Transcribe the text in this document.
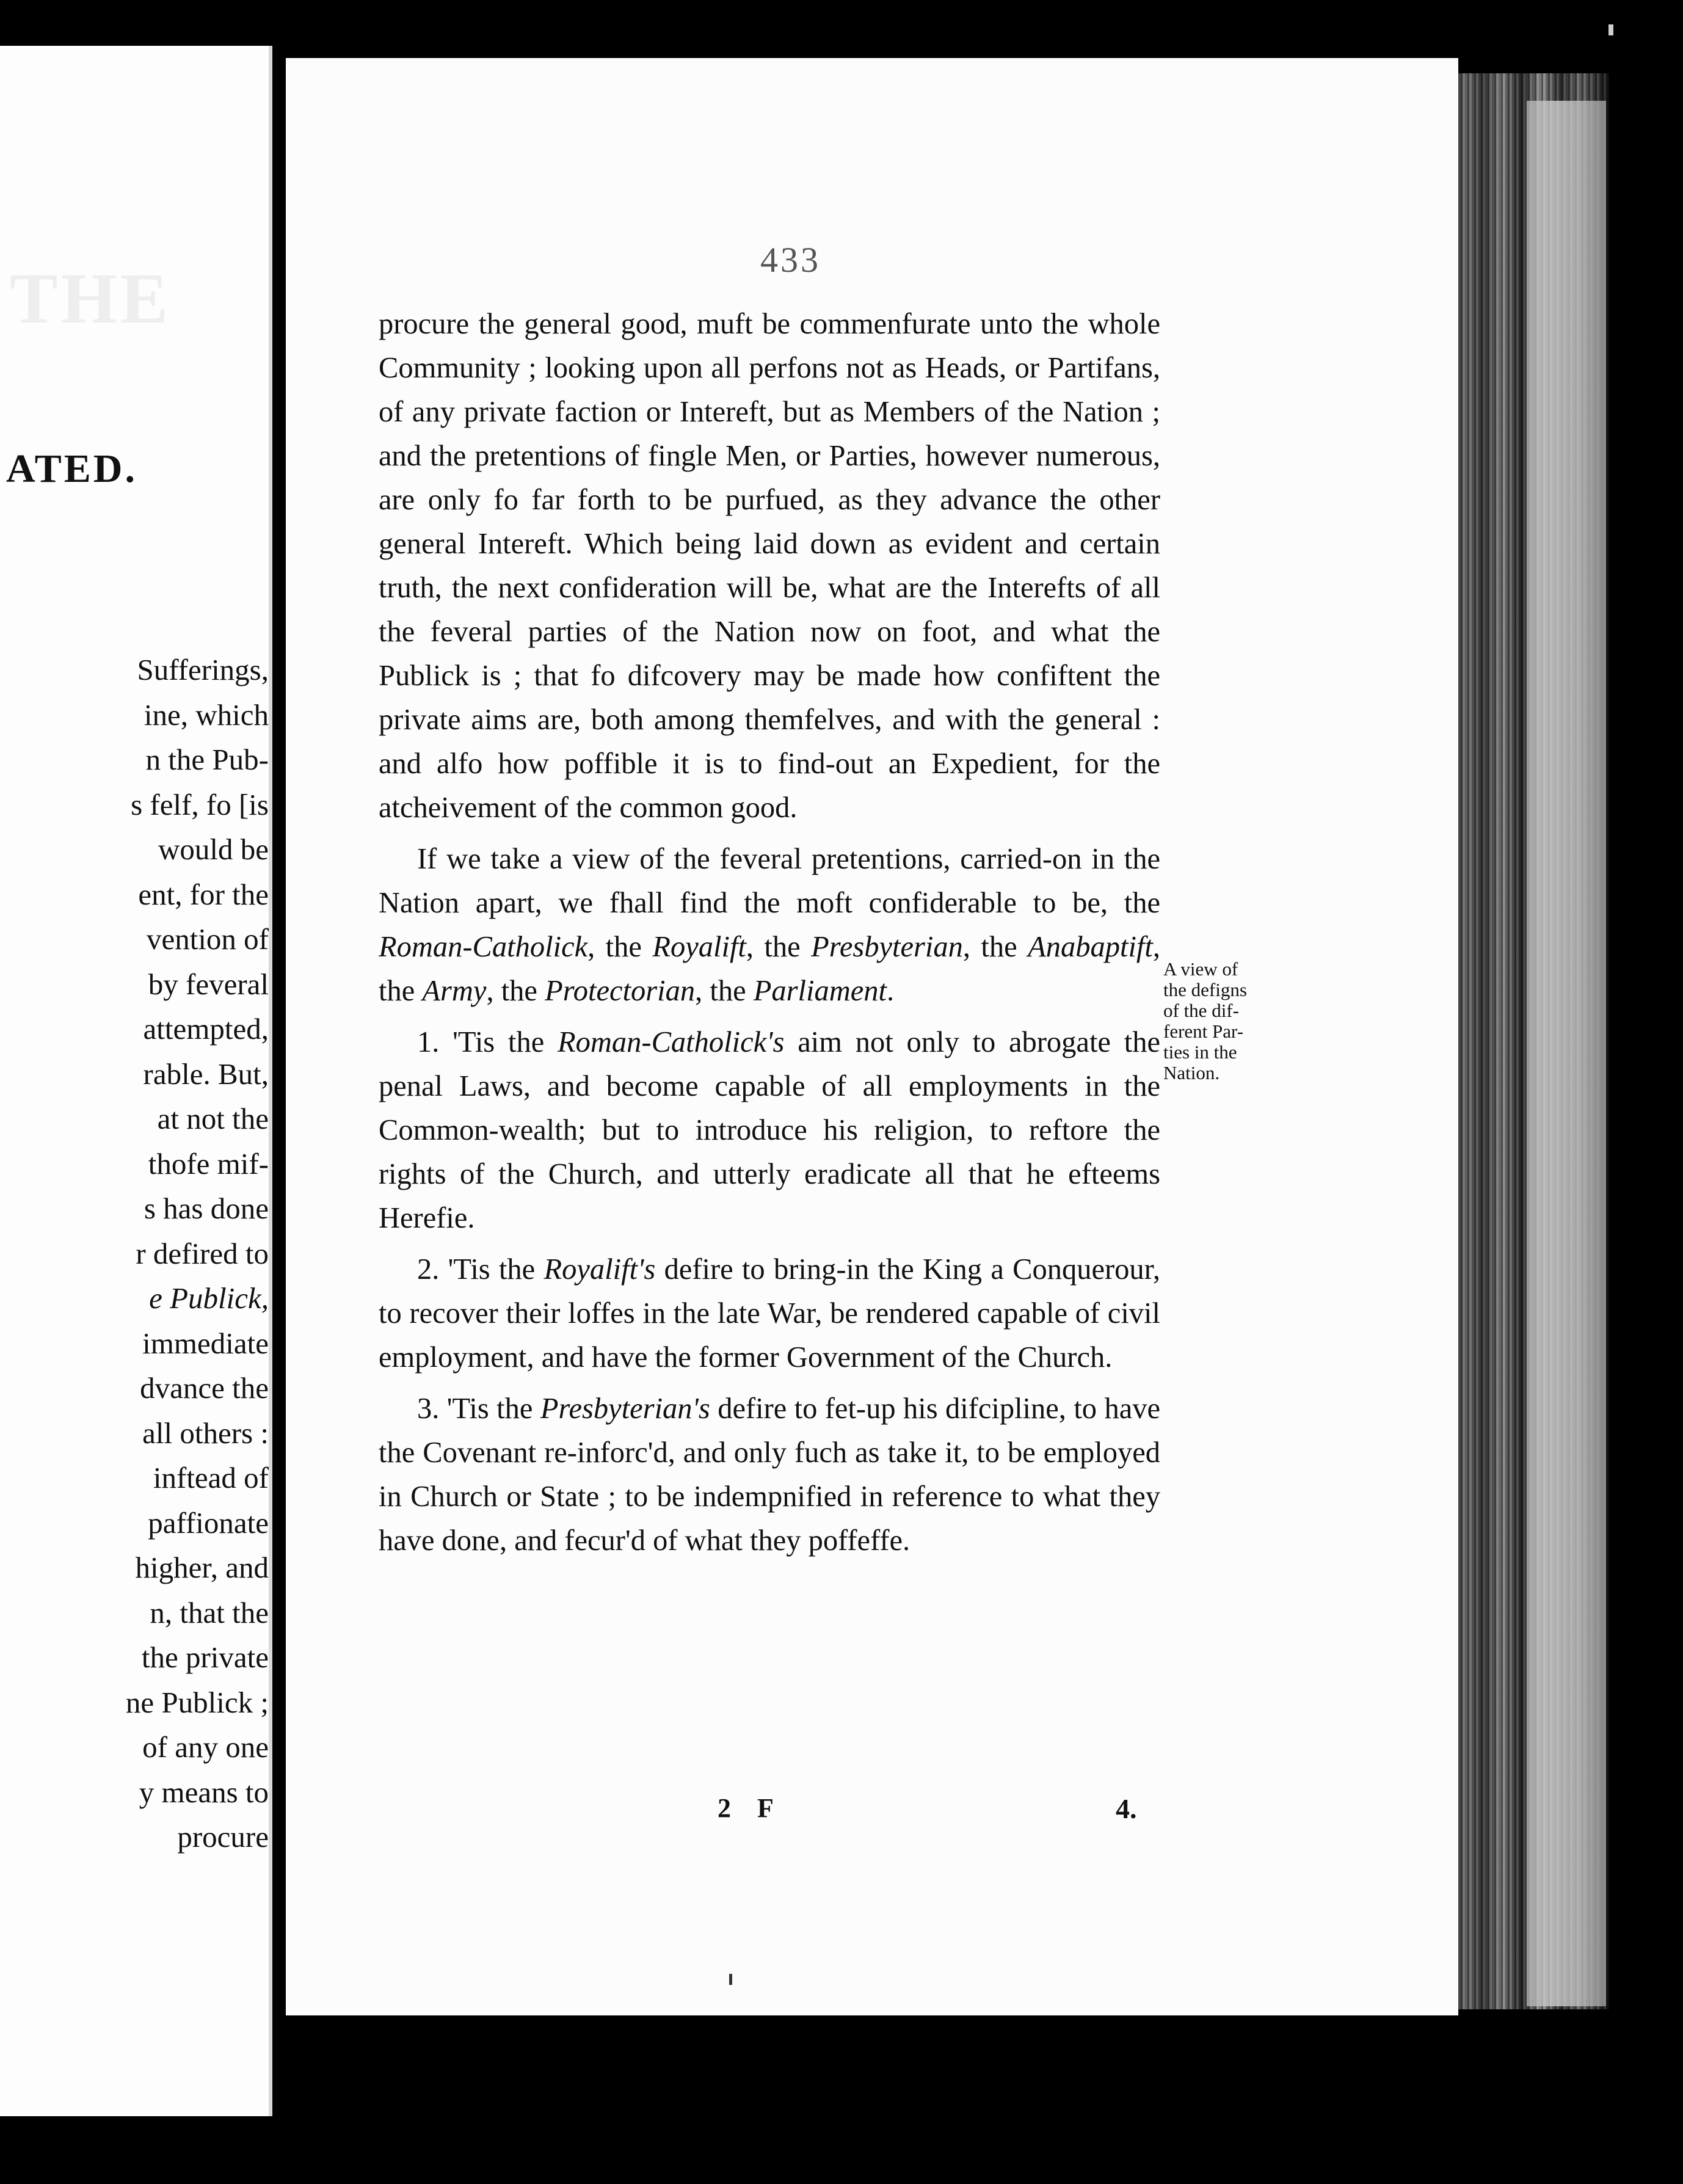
THE

ATED.

Sufferings,
ine, which
n the Pub-
s felf, fo [is
would be
ent, for the
vention of
by feveral
attempted,
rable. But,
at not the
thofe mif-
s has done
r defired to
e Publick,
immediate
dvance the
all others :
inftead of
paffionate
higher, and
n, that the
the private
ne Publick ;
of any one
y means to
procure

433

procure the general good, muft be commenfurate unto the whole Community ; looking upon all perfons not as Heads, or Partifans, of any private faction or Intereft, but as Members of the Nation ; and the pretentions of fingle Men, or Parties, however numerous, are only fo far forth to be purfued, as they advance the other general Intereft. Which being laid down as evident and certain truth, the next confideration will be, what are the Interefts of all the feveral parties of the Nation now on foot, and what the Publick is ; that fo difcovery may be made how confiftent the private aims are, both among themfelves, and with the general : and alfo how poffible it is to find-out an Expedient, for the atcheivement of the common good.

If we take a view of the feveral pretentions, carried-on in the Nation apart, we fhall find the moft confiderable to be, the Roman-Catholick, the Royalift, the Presbyterian, the Anabaptift, the Army, the Protectorian, the Parliament.

1. 'Tis the Roman-Catholick's aim not only to abrogate the penal Laws, and become capable of all employments in the Common-wealth; but to introduce his religion, to reftore the rights of the Church, and utterly eradicate all that he efteems Herefie.

2. 'Tis the Royalift's defire to bring-in the King a Conquerour, to recover their loffes in the late War, be rendered capable of civil employment, and have the former Government of the Church.

3. 'Tis the Presbyterian's defire to fet-up his difcipline, to have the Covenant re-inforc'd, and only fuch as take it, to be employed in Church or State ; to be indempnified in reference to what they have done, and fecur'd of what they poffeffe.

A view of
the defigns
of the dif-
ferent Par-
ties in the
Nation.

2 F	4.
